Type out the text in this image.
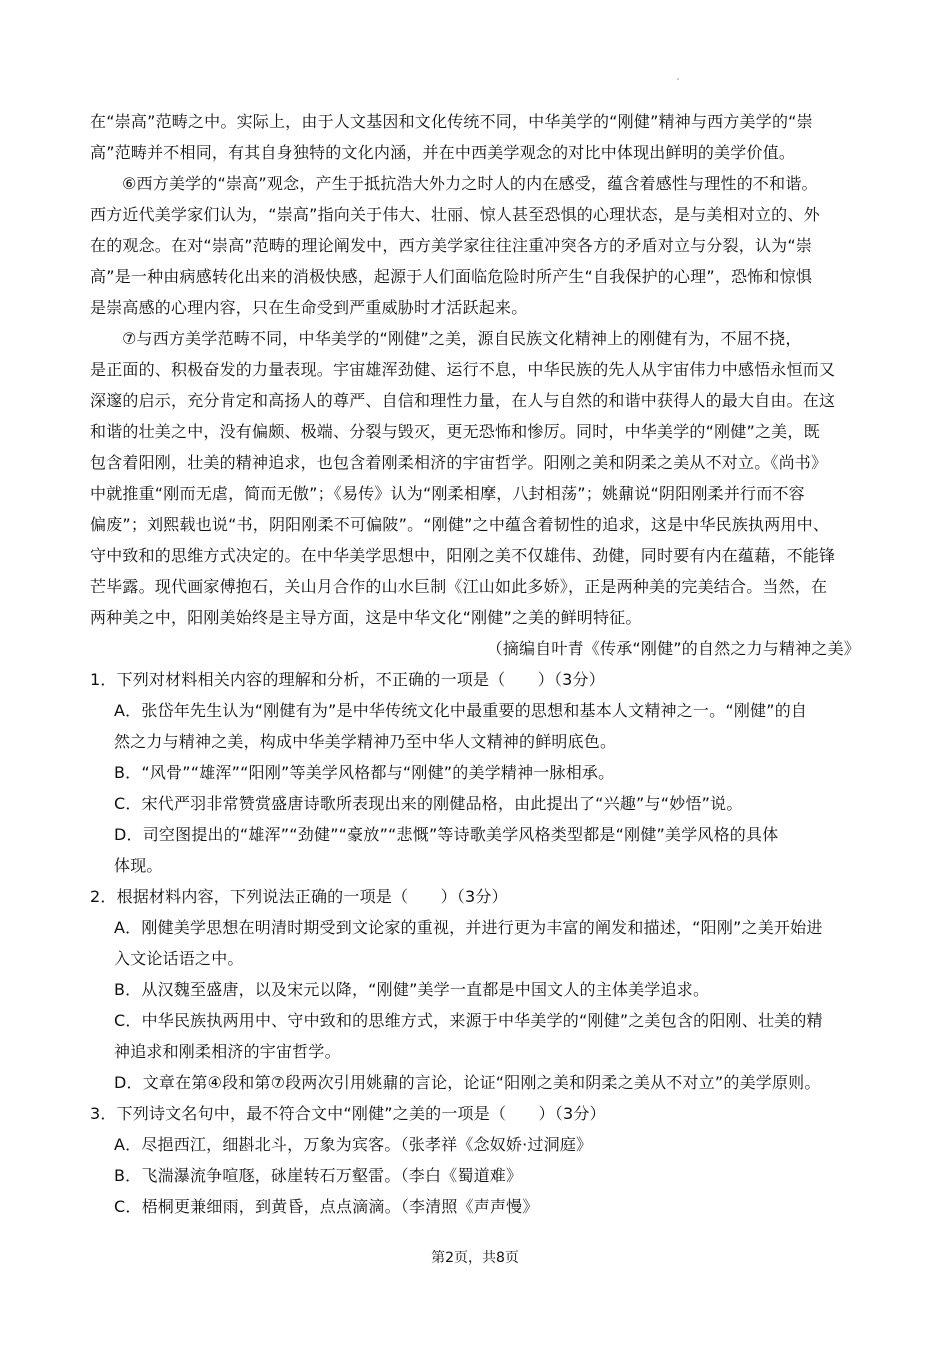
在“崇高”范畴之中。实际上，由于人文基因和文化传统不同，中华美学的“刚健”精神与西方美学的“崇
高”范畴并不相同，有其自身独特的文化内涵，并在中西美学观念的对比中体现出鲜明的美学价值。
⑥西方美学的“崇高”观念，产生于抵抗浩大外力之时人的内在感受，蕴含着感性与理性的不和谐。
西方近代美学家们认为，“崇高”指向关于伟大、壮丽、惊人甚至恐惧的心理状态，是与美相对立的、外
在的观念。在对“崇高”范畴的理论阐发中，西方美学家往往注重冲突各方的矛盾对立与分裂，认为“崇
高”是一种由病感转化出来的消极快感，起源于人们面临危险时所产生“自我保护的心理”，恐怖和惊惧
是崇高感的心理内容，只在生命受到严重威胁时才活跃起来。
⑦与西方美学范畴不同，中华美学的“刚健”之美，源自民族文化精神上的刚健有为，不屈不挠，
是正面的、积极奋发的力量表现。宇宙雄浑劲健、运行不息，中华民族的先人从宇宙伟力中感悟永恒而又
深邃的启示，充分肯定和高扬人的尊严、自信和理性力量，在人与自然的和谐中获得人的最大自由。在这
和谐的壮美之中，没有偏颇、极端、分裂与毁灭，更无恐怖和惨厉。同时，中华美学的“刚健”之美，既
包含着阳刚，壮美的精神追求，也包含着刚柔相济的宇宙哲学。阳刚之美和阴柔之美从不对立。《尚书》
中就推重“刚而无虐，简而无傲”；《易传》认为“刚柔相摩，八封相荡”；姚鼐说“阴阳刚柔并行而不容
偏废”；刘熙载也说“书，阴阳刚柔不可偏陂”。“刚健”之中蕴含着韧性的追求，这是中华民族执两用中、
守中致和的思维方式决定的。在中华美学思想中，阳刚之美不仅雄伟、劲健，同时要有内在蕴藉，不能锋
芒毕露。现代画家傅抱石，关山月合作的山水巨制《江山如此多娇》，正是两种美的完美结合。当然，在
两种美之中，阳刚美始终是主导方面，这是中华文化“刚健”之美的鲜明特征。
（摘编自叶青《传承“刚健”的自然之力与精神之美》
1．下列对材料相关内容的理解和分析，不正确的一项是（　　）（3分）
A．张岱年先生认为“刚健有为”是中华传统文化中最重要的思想和基本人文精神之一。“刚健”的自
然之力与精神之美，构成中华美学精神乃至中华人文精神的鲜明底色。
B．“风骨”“雄浑”“阳刚”等美学风格都与“刚健”的美学精神一脉相承。
C．宋代严羽非常赞赏盛唐诗歌所表现出来的刚健品格，由此提出了“兴趣”与“妙悟”说。
D．司空图提出的“雄浑”“劲健”“豪放”“悲慨”等诗歌美学风格类型都是“刚健”美学风格的具体
体现。
2．根据材料内容，下列说法正确的一项是（　　）（3分）
A．刚健美学思想在明清时期受到文论家的重视，并进行更为丰富的阐发和描述，“阳刚”之美开始进
入文论话语之中。
B．从汉魏至盛唐，以及宋元以降，“刚健”美学一直都是中国文人的主体美学追求。
C．中华民族执两用中、守中致和的思维方式，来源于中华美学的“刚健”之美包含的阳刚、壮美的精
神追求和刚柔相济的宇宙哲学。
D．文章在第④段和第⑦段两次引用姚鼐的言论，论证“阳刚之美和阴柔之美从不对立”的美学原则。
3．下列诗文名句中，最不符合文中“刚健”之美的一项是（　　）（3分）
A．尽挹西江，细斟北斗，万象为宾客。（张孝祥《念奴娇·过洞庭》
B．飞湍瀑流争喧豗，砯崖转石万壑雷。（李白《蜀道难》
C．梧桐更兼细雨，到黄昏，点点滴滴。（李清照《声声慢》
第2页，共8页
